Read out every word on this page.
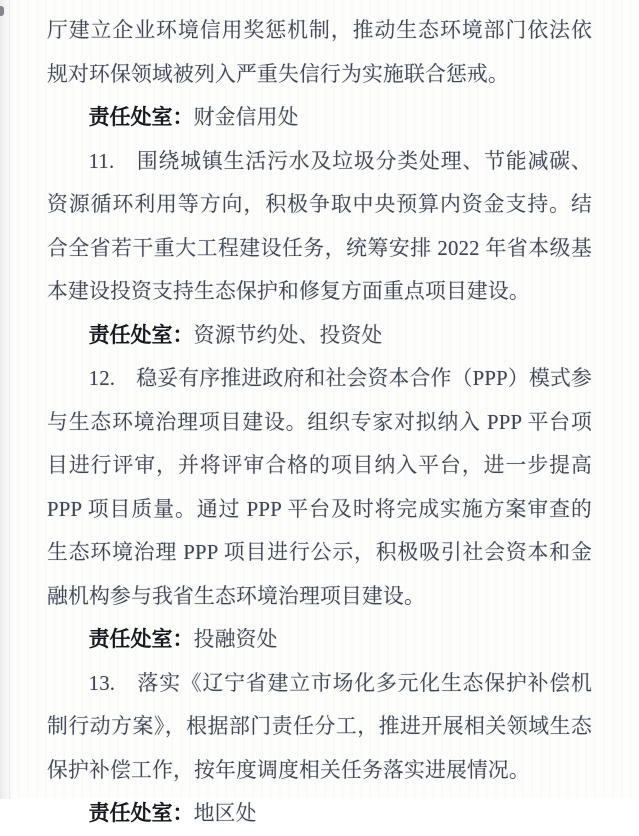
厅建立企业环境信用奖惩机制，推动生态环境部门依法依规对环保领域被列入严重失信行为实施联合惩戒。

责任处室：财金信用处

11.　围绕城镇生活污水及垃圾分类处理、节能减碳、资源循环利用等方向，积极争取中央预算内资金支持。结合全省若干重大工程建设任务，统筹安排 2022 年省本级基本建设投资支持生态保护和修复方面重点项目建设。

责任处室：资源节约处、投资处

12.　稳妥有序推进政府和社会资本合作（PPP）模式参与生态环境治理项目建设。组织专家对拟纳入 PPP 平台项目进行评审，并将评审合格的项目纳入平台，进一步提高 PPP 项目质量。通过 PPP 平台及时将完成实施方案审查的生态环境治理 PPP 项目进行公示，积极吸引社会资本和金融机构参与我省生态环境治理项目建设。

责任处室：投融资处

13.　落实《辽宁省建立市场化多元化生态保护补偿机制行动方案》，根据部门责任分工，推进开展相关领域生态保护补偿工作，按年度调度相关任务落实进展情况。

责任处室：地区处
